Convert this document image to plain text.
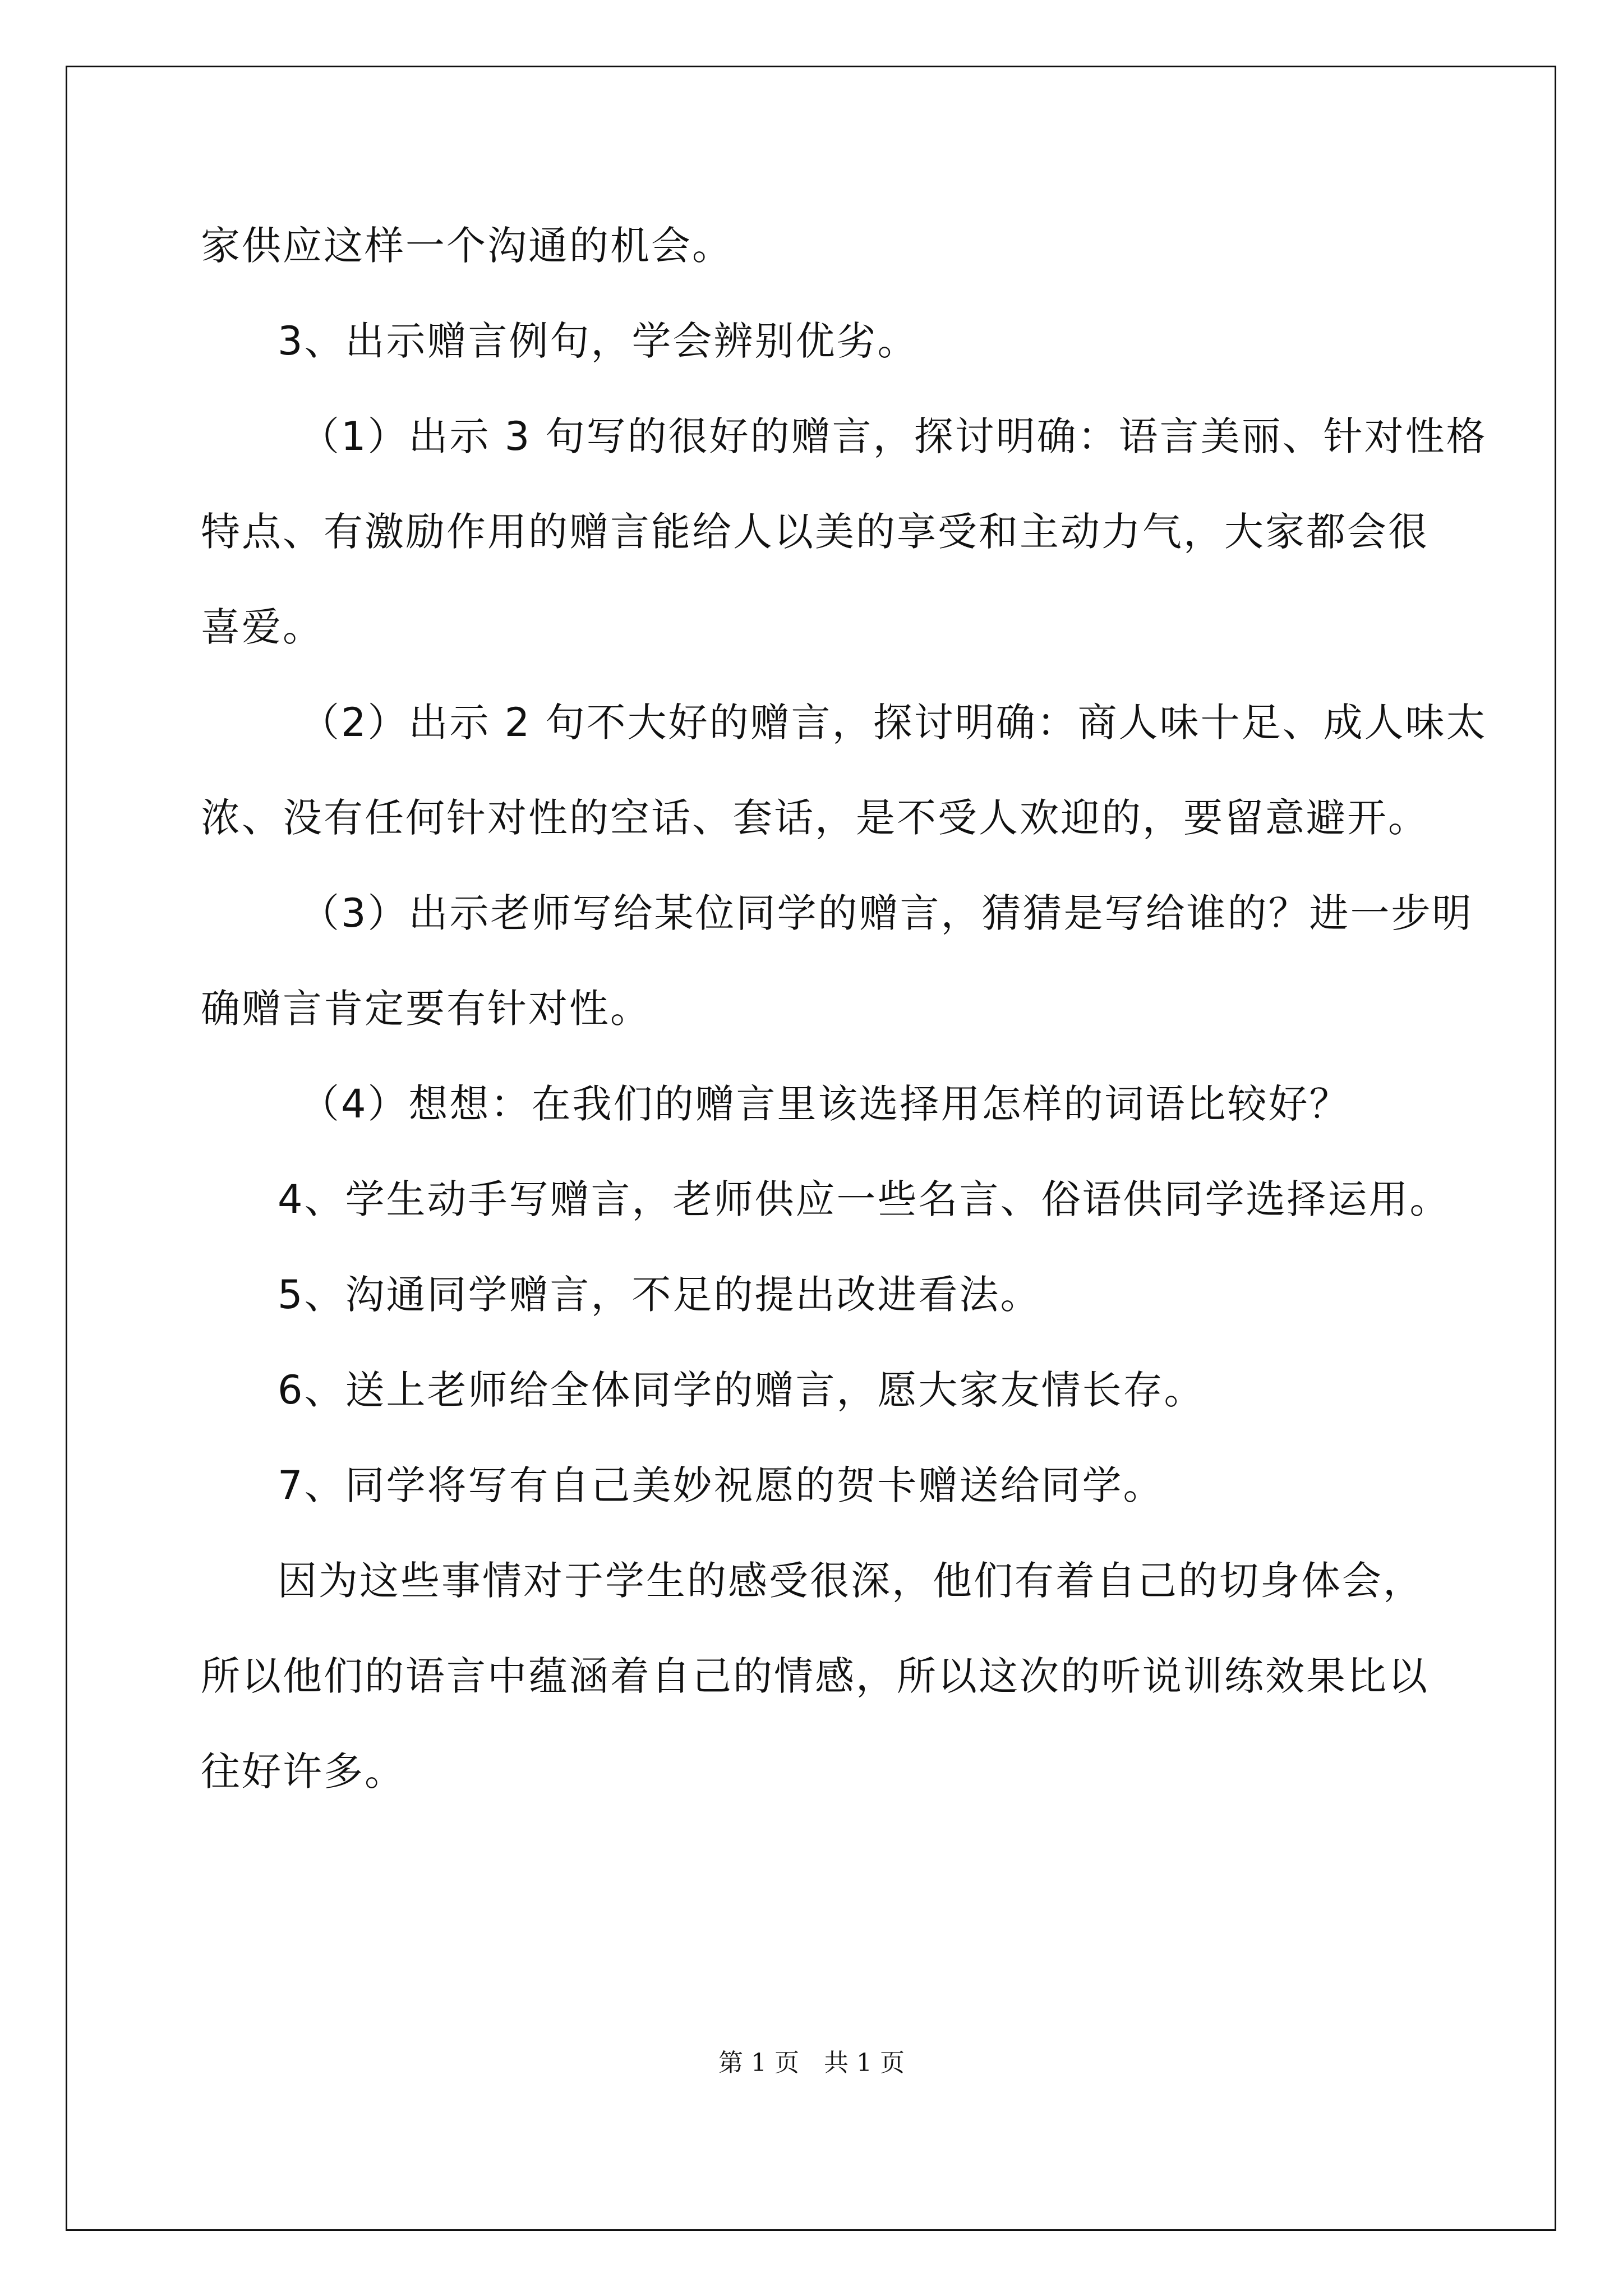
家供应这样一个沟通的机会。
3、出示赠言例句，学会辨别优劣。
（1）出示 3 句写的很好的赠言，探讨明确：语言美丽、针对性格
特点、有激励作用的赠言能给人以美的享受和主动力气，大家都会很
喜爱。
（2）出示 2 句不大好的赠言，探讨明确：商人味十足、成人味太
浓、没有任何针对性的空话、套话，是不受人欢迎的，要留意避开。
（3）出示老师写给某位同学的赠言，猜猜是写给谁的？进一步明
确赠言肯定要有针对性。
（4）想想：在我们的赠言里该选择用怎样的词语比较好？
4、学生动手写赠言，老师供应一些名言、俗语供同学选择运用。
5、沟通同学赠言，不足的提出改进看法。
6、送上老师给全体同学的赠言，愿大家友情长存。
7、同学将写有自己美妙祝愿的贺卡赠送给同学。
因为这些事情对于学生的感受很深，他们有着自己的切身体会，
所以他们的语言中蕴涵着自己的情感，所以这次的听说训练效果比以
往好许多。
第 1 页　共 1 页
